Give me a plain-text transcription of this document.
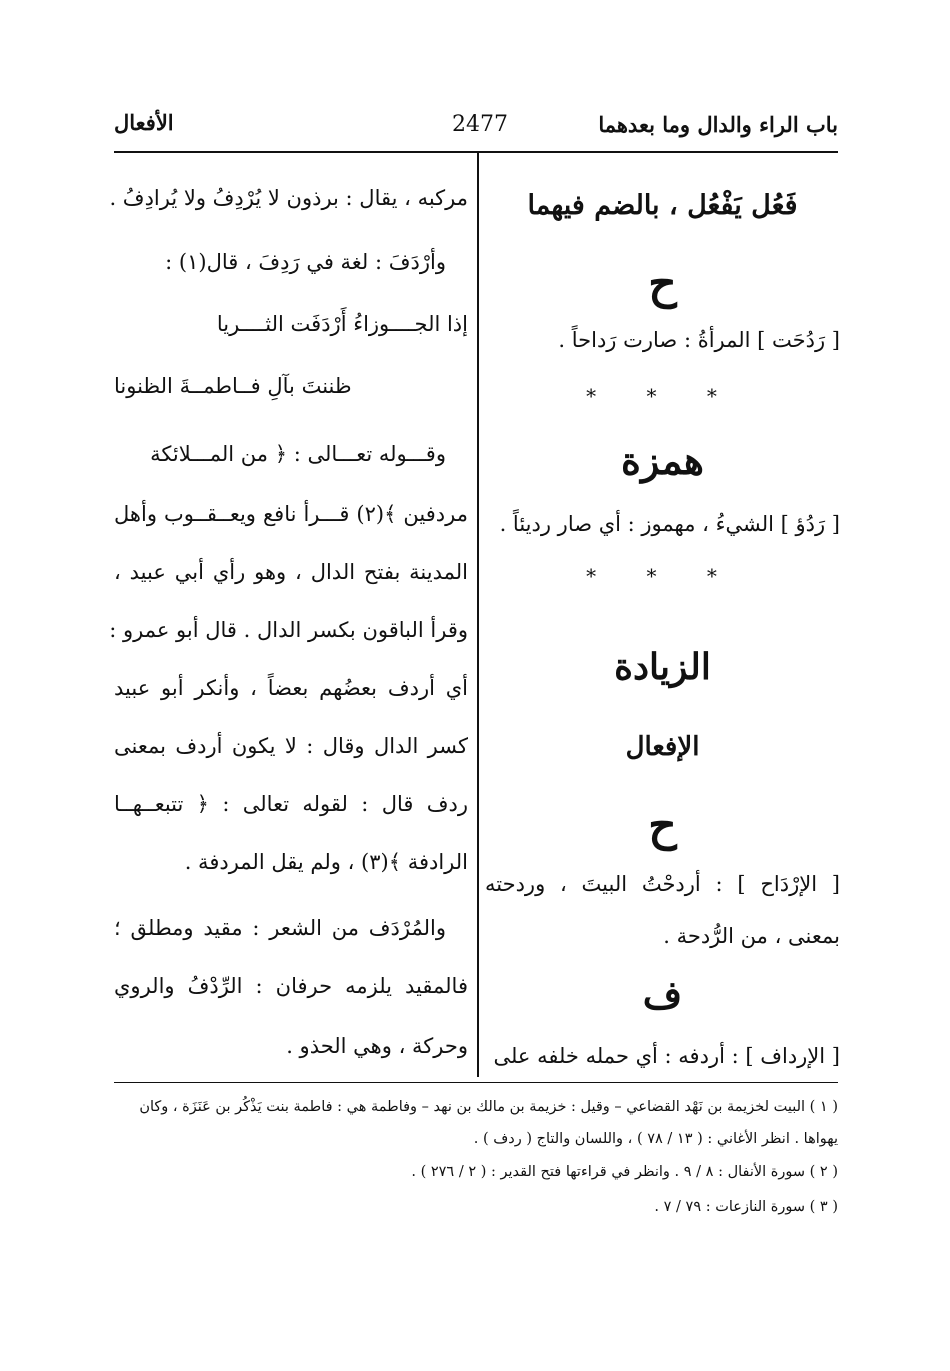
باب الراء والدال وما بعدهما
2477
الأفعال
فَعُل يَفْعُل ، بالضم فيهما
ح
[ رَدُحَت ] المرأةُ : صارت رَداحاً .
* * *
همزة
[ رَدُؤ ] الشيءُ ، مهموز : أي صار رديئاً .
* * *
الزيادة
الإفعال
ح
[ الإرْدَاح ] : أردحْتُ البيتَ ، وردحته بمعنى ، من الرُّدحة .
ف
[ الإرداف ] : أردفه : أي حمله خلفه على
مركبه ، يقال : برذون لا يُرْدِفُ ولا يُرادِفُ .
وأرْدَفَ : لغة في رَدِفَ ، قال(١) :
إذا الجــــوزاءُ أَرْدَفَت الثــــريا
ظننتَ بآلِ فــاطمــةَ الظنونا
وقـــوله تعـــالى : ﴿ من المـــلائكة
مردفين ﴾(٢) قـــرأ نافع ويعــقــوب وأهل
المدينة بفتح الدال ، وهو رأي أبي عبيد ،
وقرأ الباقون بكسر الدال . قال أبو عمرو :
أي أردف بعضُهم بعضاً ، وأنكر أبو عبيد
كسر الدال وقال : لا يكون أردف بمعنى
ردف قال : لقوله تعالى : ﴿ تتبعــهــا
الرادفة ﴾(٣) ، ولم يقل المردفة .
والمُرْدَف من الشعر : مقيد ومطلق ؛
فالمقيد يلزمه حرفان : الرِّدْفُ والروي
وحركة ، وهي الحذو .
( ١ ) البيت لخزيمة بن نَهْد القضاعي – وقيل : خزيمة بن مالك بن نهد – وفاطمة هي : فاطمة بنت يَذْكُر بن عَنَزَة ، وكان
يهواها . انظر الأغاني : ( ١٣ / ٧٨ ) ، واللسان والتاج ( ردف ) .
( ٢ ) سورة الأنفال : ٨ / ٩ . وانظر في قراءتها فتح القدير : ( ٢ / ٢٧٦ ) .
( ٣ ) سورة النازعات : ٧٩ / ٧ .
